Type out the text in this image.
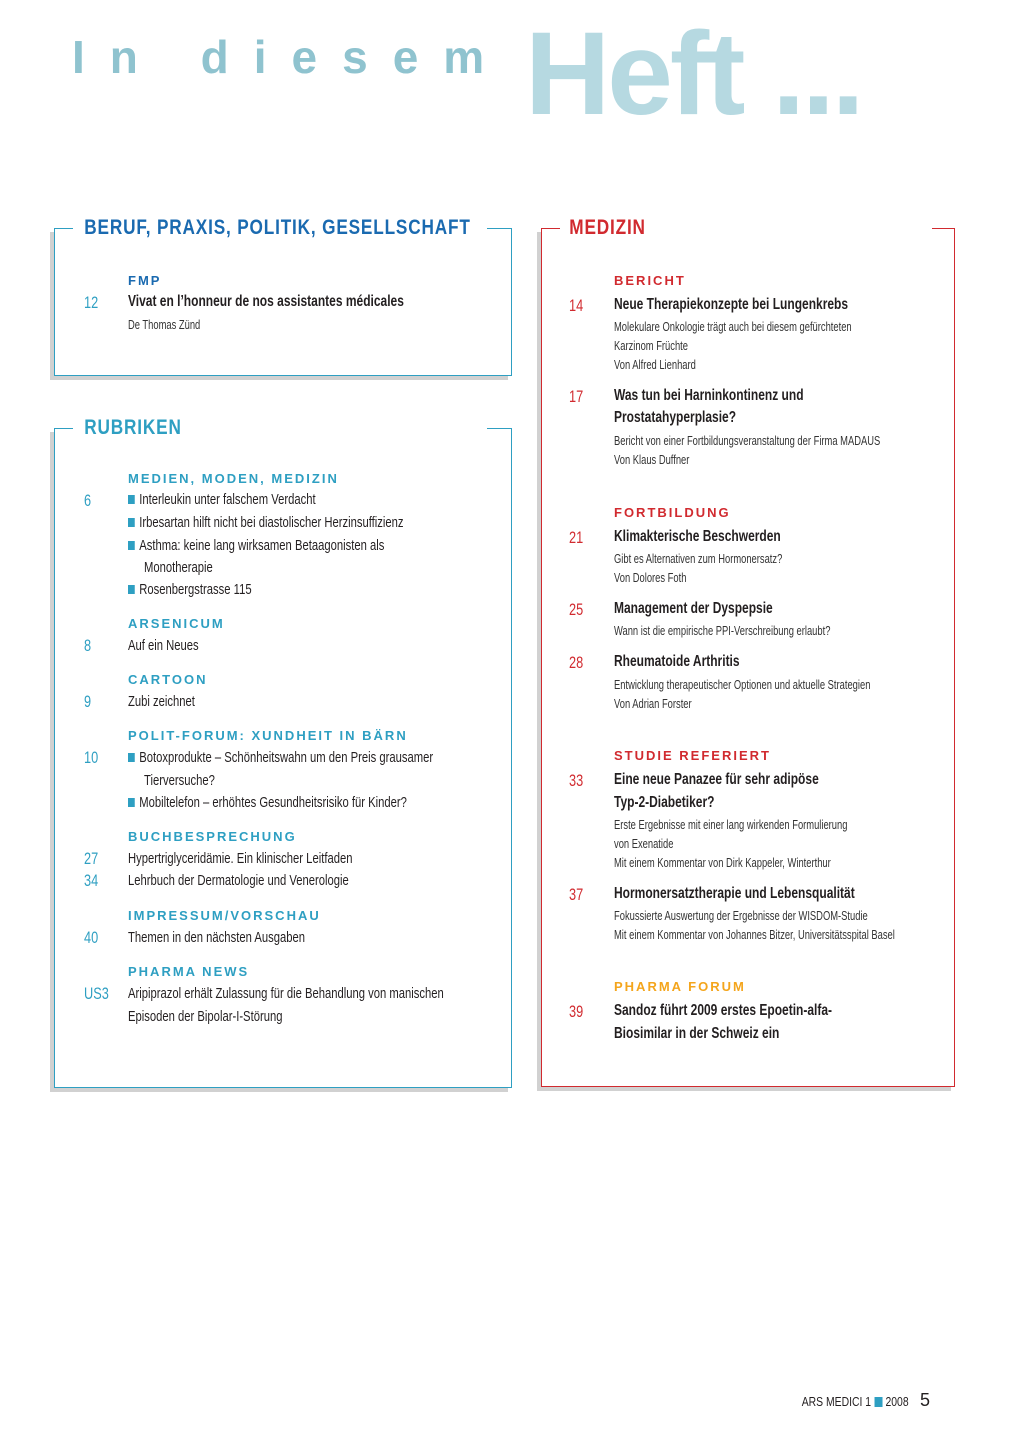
In diesem Heft ...
BERUF, PRAXIS, POLITIK, GESELLSCHAFT
FMP
12 Vivat en l’honneur de nos assistantes médicales
De Thomas Zünd
RUBRIKEN
MEDIEN, MODEN, MEDIZIN
6	Interleukin unter falschem Verdacht
Irbesartan hilft nicht bei diastolischer Herzinsuffizienz
Asthma: keine lang wirksamen Betaagonisten als
Monotherapie
Rosenbergstrasse 115
ARSENICUM
8 Auf ein Neues
CARTOON
9 Zubi zeichnet
POLIT-FORUM: XUNDHEIT IN BÄRN
10	Botoxprodukte – Schönheitswahn um den Preis grausamer
Tierversuche?
Mobiltelefon – erhöhtes Gesundheitsrisiko für Kinder?
BUCHBESPRECHUNG
27 Hypertriglyceridämie. Ein klinischer Leitfaden
34 Lehrbuch der Dermatologie und Venerologie
IMPRESSUM/VORSCHAU
40 Themen in den nächsten Ausgaben
PHARMA NEWS
US3 Aripiprazol erhält Zulassung für die Behandlung von manischen
Episoden der Bipolar-I-Störung
MEDIZIN
BERICHT
14 Neue Therapiekonzepte bei Lungenkrebs
Molekulare Onkologie trägt auch bei diesem gefürchteten
Karzinom Früchte
Von Alfred Lienhard
17 Was tun bei Harninkontinenz und
Prostatahyperplasie?
Bericht von einer Fortbildungsveranstaltung der Firma MADAUS
Von Klaus Duffner
FORTBILDUNG
21 Klimakterische Beschwerden
Gibt es Alternativen zum Hormonersatz?
Von Dolores Foth
25 Management der Dyspepsie
Wann ist die empirische PPI-Verschreibung erlaubt?
28 Rheumatoide Arthritis
Entwicklung therapeutischer Optionen und aktuelle Strategien
Von Adrian Forster
STUDIE REFERIERT
33 Eine neue Panazee für sehr adipöse
Typ-2-Diabetiker?
Erste Ergebnisse mit einer lang wirkenden Formulierung
von Exenatide
Mit einem Kommentar von Dirk Kappeler, Winterthur
37 Hormonersatztherapie und Lebensqualität
Fokussierte Auswertung der Ergebnisse der WISDOM-Studie
Mit einem Kommentar von Johannes Bitzer, Universitätsspital Basel
PHARMA FORUM
39 Sandoz führt 2009 erstes Epoetin-alfa-
Biosimilar in der Schweiz ein
ARS MEDICI 1 2008 5
